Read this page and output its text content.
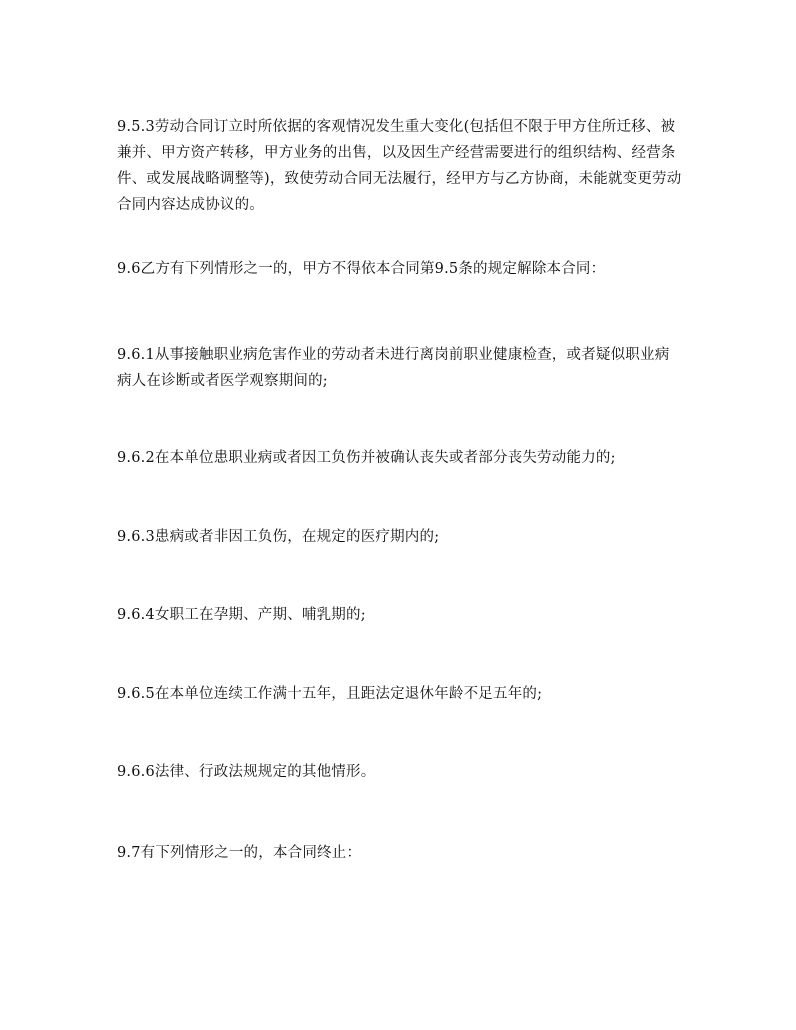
9.5.3劳动合同订立时所依据的客观情况发生重大变化(包括但不限于甲方住所迁移、被兼并、甲方资产转移，甲方业务的出售，以及因生产经营需要进行的组织结构、经营条件、或发展战略调整等)，致使劳动合同无法履行，经甲方与乙方协商，未能就变更劳动合同内容达成协议的。

9.6乙方有下列情形之一的，甲方不得依本合同第9.5条的规定解除本合同：

9.6.1从事接触职业病危害作业的劳动者未进行离岗前职业健康检查，或者疑似职业病病人在诊断或者医学观察期间的;

9.6.2在本单位患职业病或者因工负伤并被确认丧失或者部分丧失劳动能力的;

9.6.3患病或者非因工负伤，在规定的医疗期内的;

9.6.4女职工在孕期、产期、哺乳期的;

9.6.5在本单位连续工作满十五年，且距法定退休年龄不足五年的;

9.6.6法律、行政法规规定的其他情形。

9.7有下列情形之一的，本合同终止：
